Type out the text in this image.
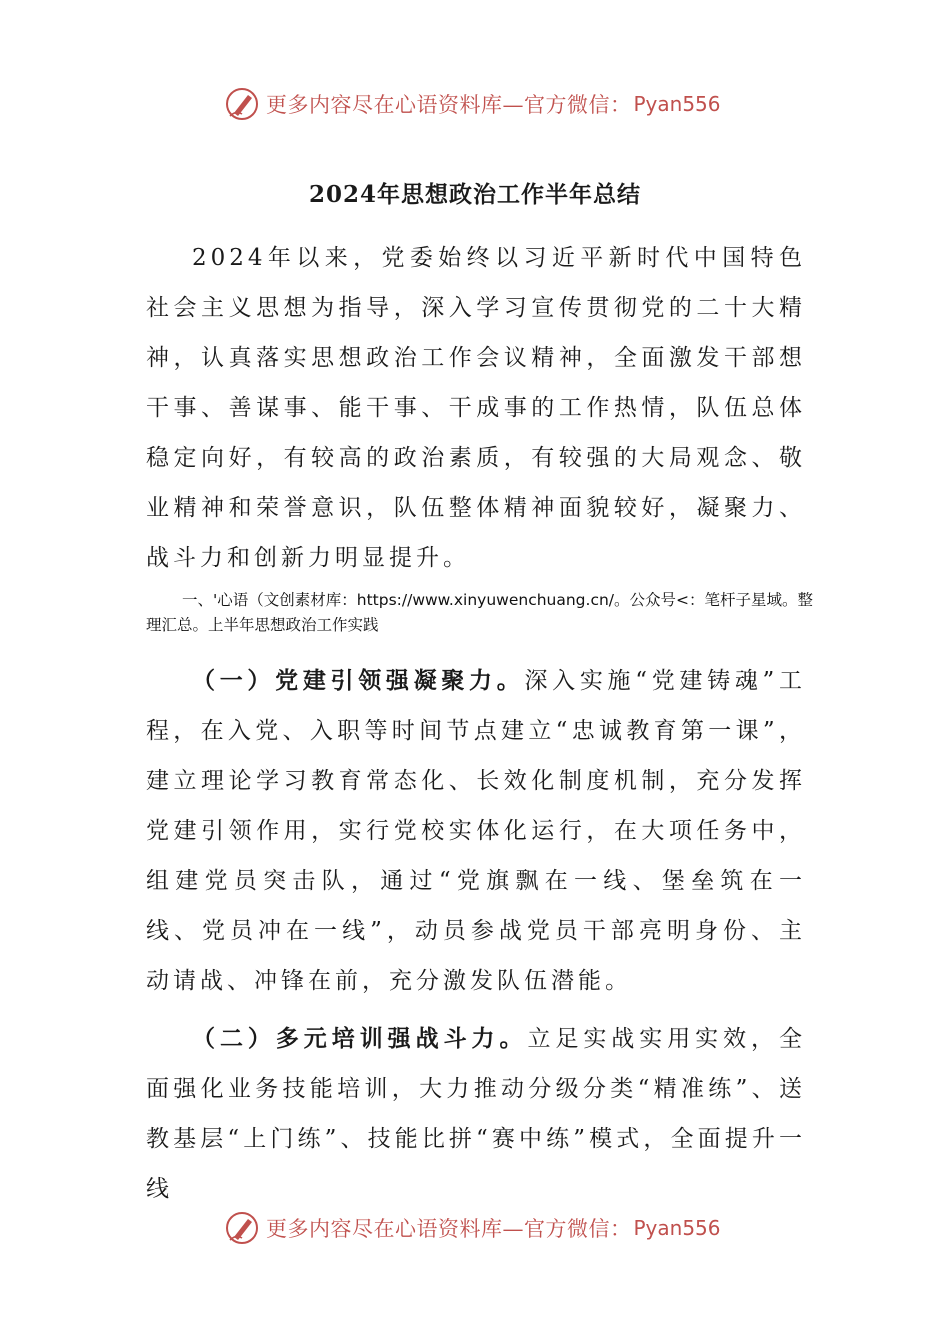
更多内容尽在心语资料库—官方微信： Pyan556
2024年思想政治工作半年总结
2024年以来，党委始终以习近平新时代中国特色社会主义思想为指导，深入学习宣传贯彻党的二十大精神，认真落实思想政治工作会议精神，全面激发干部想干事、善谋事、能干事、干成事的工作热情，队伍总体稳定向好，有较高的政治素质，有较强的大局观念、敬业精神和荣誉意识，队伍整体精神面貌较好，凝聚力、战斗力和创新力明显提升。
一、'心语（文创素材库：https://www.xinyuwenchuang.cn/。公众号<：笔杆子星域。整理汇总。上半年思想政治工作实践
（一）党建引领强凝聚力。深入实施“党建铸魂”工程，在入党、入职等时间节点建立“忠诚教育第一课”，建立理论学习教育常态化、长效化制度机制，充分发挥党建引领作用，实行党校实体化运行，在大项任务中，组建党员突击队，通过“党旗飘在一线、堡垒筑在一线、党员冲在一线”，动员参战党员干部亮明身份、主动请战、冲锋在前，充分激发队伍潜能。
（二）多元培训强战斗力。立足实战实用实效，全面强化业务技能培训，大力推动分级分类“精准练”、送教基层“上门练”、技能比拼“赛中练”模式，全面提升一线
更多内容尽在心语资料库—官方微信： Pyan556
